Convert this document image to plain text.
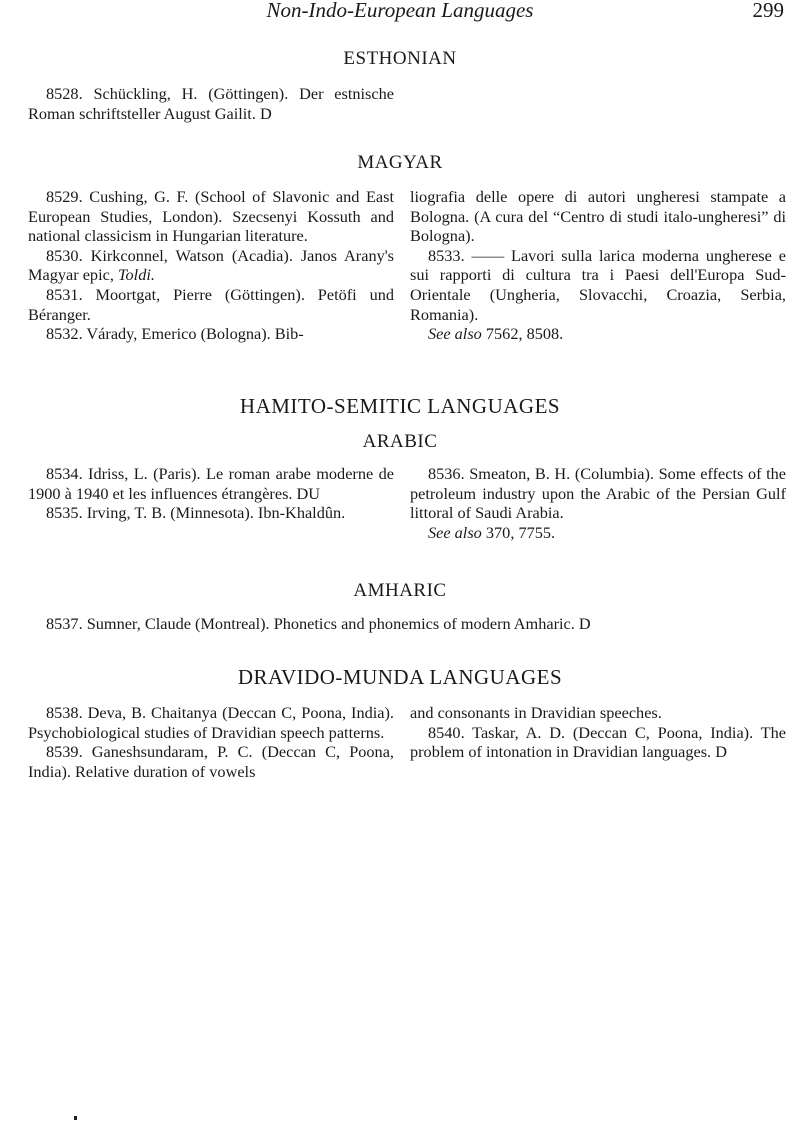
Non-Indo-European Languages	299
ESTHONIAN

8528. Schückling, H. (Göttingen). Der estnische Roman schriftsteller August Gailit. D

MAGYAR

8529. Cushing, G. F. (School of Slavonic and East European Studies, London). Szecsenyi Kossuth and national classicism in Hungarian literature.

8530. Kirkconnel, Watson (Acadia). Janos Arany's Magyar epic, Toldi.

8531. Moortgat, Pierre (Göttingen). Petöfi und Béranger.

8532. Várady, Emerico (Bologna). Bib-

liografia delle opere di autori ungheresi stampate a Bologna. (A cura del “Centro di studi italo-ungheresi” di Bologna).

8533. —— Lavori sulla larica moderna ungherese e sui rapporti di cultura tra i Paesi dell'Europa Sud-Orientale (Ungheria, Slovacchi, Croazia, Serbia, Romania).

See also 7562, 8508.

HAMITO-SEMITIC LANGUAGES
ARABIC

8534. Idriss, L. (Paris). Le roman arabe moderne de 1900 à 1940 et les influences étrangères. DU

8535. Irving, T. B. (Minnesota). Ibn-Khaldûn.

8536. Smeaton, B. H. (Columbia). Some effects of the petroleum industry upon the Arabic of the Persian Gulf littoral of Saudi Arabia.

See also 370, 7755.

AMHARIC

8537. Sumner, Claude (Montreal). Phonetics and phonemics of modern Amharic. D

DRAVIDO-MUNDA LANGUAGES

8538. Deva, B. Chaitanya (Deccan C, Poona, India). Psychobiological studies of Dravidian speech patterns.

8539. Ganeshsundaram, P. C. (Deccan C, Poona, India). Relative duration of vowels

and consonants in Dravidian speeches.

8540. Taskar, A. D. (Deccan C, Poona, India). The problem of intonation in Dravidian languages. D
